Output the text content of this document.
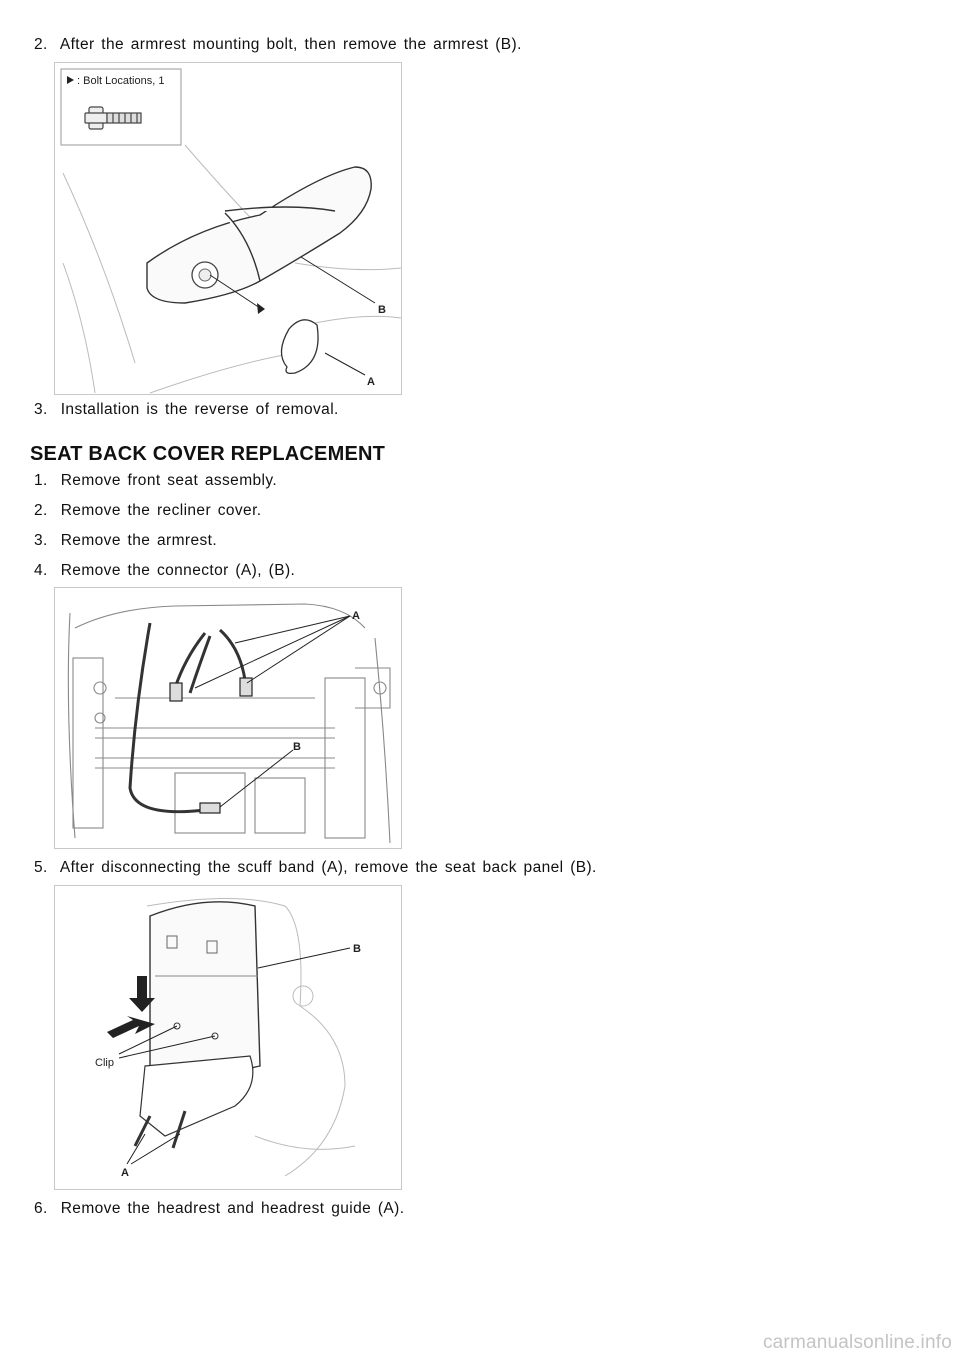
2. After the armrest mounting bolt, then remove the armrest (B).
: Bolt Locations, 1
B
A
3. Installation is the reverse of removal.
SEAT BACK COVER REPLACEMENT
1. Remove front seat assembly.
2. Remove the recliner cover.
3. Remove the armrest.
4. Remove the connector (A), (B).
A
B
5. After disconnecting the scuff band (A), remove the seat back panel (B).
B
Clip
A
6. Remove the headrest and headrest guide (A).
carmanualsonline.info
